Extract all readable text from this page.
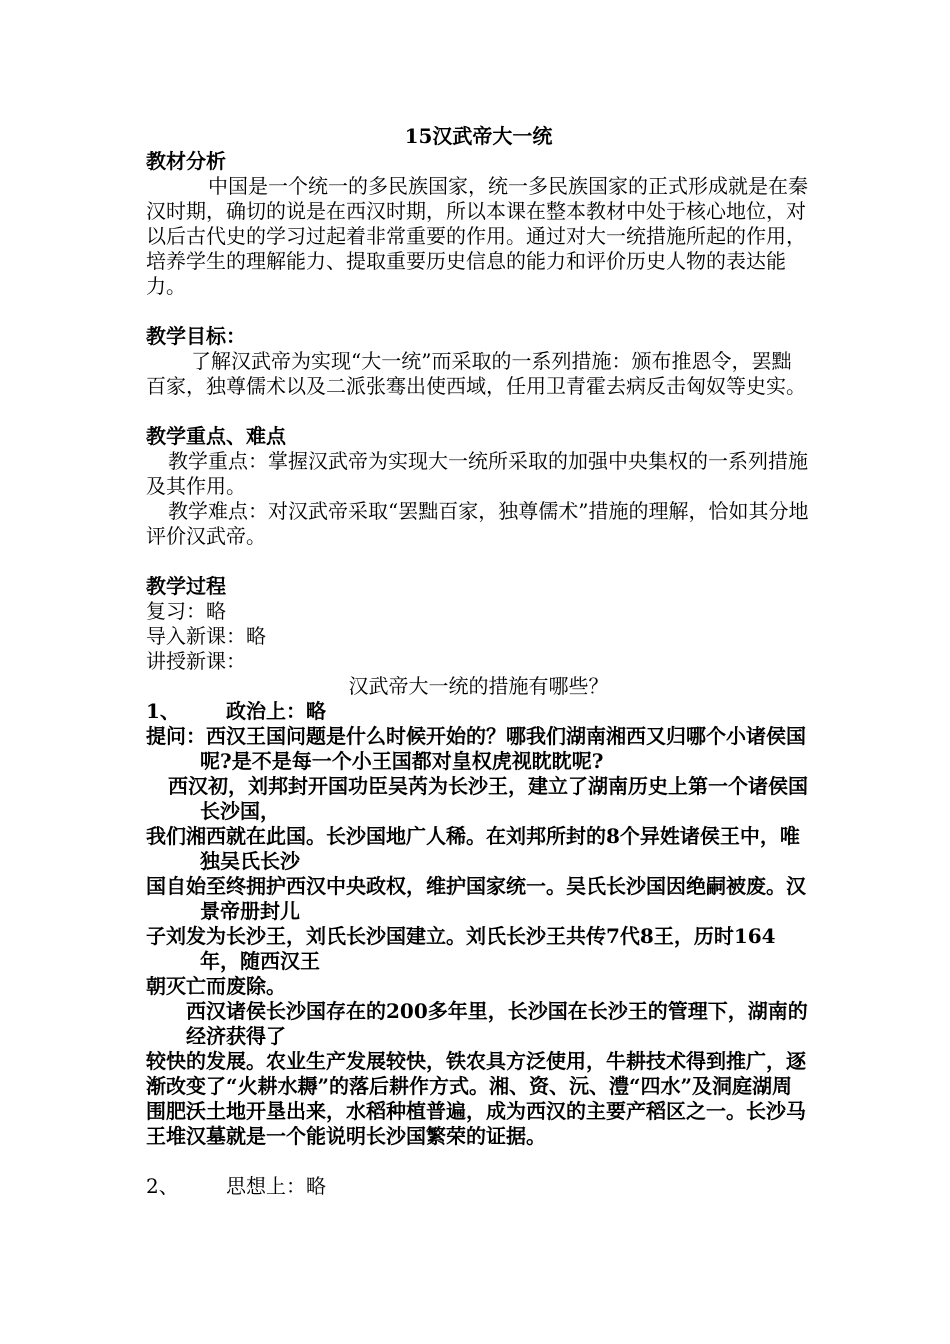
15汉武帝大一统

教材分析

中国是一个统一的多民族国家，统一多民族国家的正式形成就是在秦汉时期，确切的说是在西汉时期，所以本课在整本教材中处于核心地位，对以后古代史的学习过起着非常重要的作用。通过对大一统措施所起的作用，培养学生的理解能力、提取重要历史信息的能力和评价历史人物的表达能力。

教学目标：

了解汉武帝为实现“大一统”而采取的一系列措施：颁布推恩令，罢黜百家，独尊儒术以及二派张骞出使西域，任用卫青霍去病反击匈奴等史实。

教学重点、难点

教学重点：掌握汉武帝为实现大一统所采取的加强中央集权的一系列措施及其作用。

教学难点：对汉武帝采取“罢黜百家，独尊儒术”措施的理解，恰如其分地评价汉武帝。

教学过程

复习：略

导入新课：略

讲授新课：

汉武帝大一统的措施有哪些？

1、 政治上：略

提问：西汉王国问题是什么时候开始的？哪我们湖南湘西又归哪个小诸侯国呢?是不是每一个小王国都对皇权虎视眈眈呢?

西汉初，刘邦封开国功臣吴芮为长沙王，建立了湖南历史上第一个诸侯国长沙国，

我们湘西就在此国。长沙国地广人稀。在刘邦所封的8个异姓诸侯王中，唯独吴氏长沙

国自始至终拥护西汉中央政权，维护国家统一。吴氏长沙国因绝嗣被废。汉景帝册封儿

子刘发为长沙王，刘氏长沙国建立。刘氏长沙王共传7代8王，历时164年，随西汉王

朝灭亡而废除。

西汉诸侯长沙国存在的200多年里，长沙国在长沙王的管理下，湖南的经济获得了

较快的发展。农业生产发展较快，铁农具方泛使用，牛耕技术得到推广，逐渐改变了“火耕水耨”的落后耕作方式。湘、资、沅、澧“四水”及洞庭湖周围肥沃土地开垦出来，水稻种植普遍，成为西汉的主要产稻区之一。长沙马王堆汉墓就是一个能说明长沙国繁荣的证据。

2、 思想上：略
